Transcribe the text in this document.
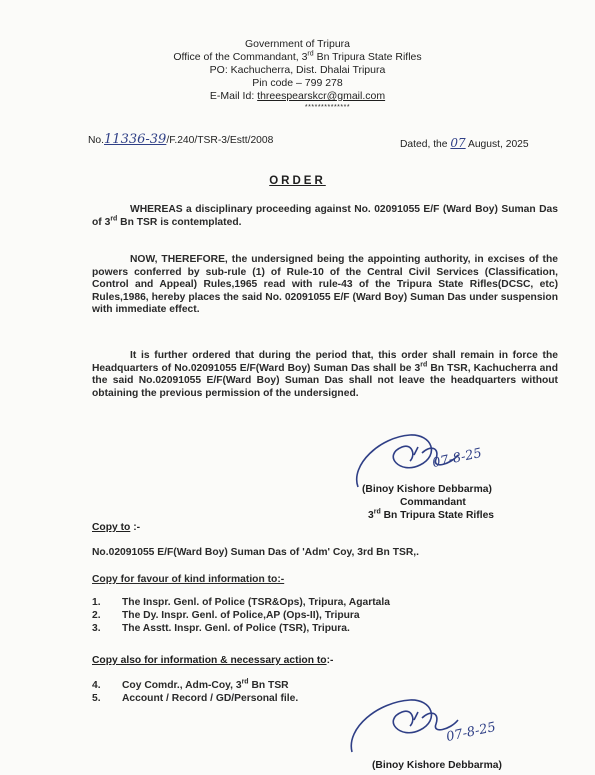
Government of Tripura
Office of the Commandant, 3rd Bn Tripura State Rifles
PO: Kachucherra, Dist. Dhalai Tripura
Pin code – 799 278
E-Mail Id: threespearskcr@gmail.com
**************
No.11336-39/F.240/TSR-3/Estt/2008	Dated, the 07 August, 2025
ORDER
WHEREAS a disciplinary proceeding against No. 02091055 E/F (Ward Boy) Suman Das of 3rd Bn TSR is contemplated.
NOW, THEREFORE, the undersigned being the appointing authority, in excises of the powers conferred by sub-rule (1) of Rule-10 of the Central Civil Services (Classification, Control and Appeal) Rules,1965 read with rule-43 of the Tripura State Rifles(DCSC, etc) Rules,1986, hereby places the said No. 02091055 E/F (Ward Boy) Suman Das under suspension with immediate effect.
It is further ordered that during the period that, this order shall remain in force the Headquarters of No.02091055 E/F(Ward Boy) Suman Das shall be 3rd Bn TSR, Kachucherra and the said No.02091055 E/F(Ward Boy) Suman Das shall not leave the headquarters without obtaining the previous permission of the undersigned.
07-8-25
(Binoy Kishore Debbarma)
Commandant
3rd Bn Tripura State Rifles
Copy to :-
No.02091055 E/F(Ward Boy) Suman Das of 'Adm' Coy, 3rd Bn TSR,.
Copy for favour of kind information to:-
1. The Inspr. Genl. of Police (TSR&Ops), Tripura, Agartala
2. The Dy. Inspr. Genl. of Police,AP (Ops-II), Tripura
3. The Asstt. Inspr. Genl. of Police (TSR), Tripura.
Copy also for information & necessary action to:-
4. Coy Comdr., Adm-Coy, 3rd Bn TSR
5. Account / Record / GD/Personal file.
07-8-25
(Binoy Kishore Debbarma)
